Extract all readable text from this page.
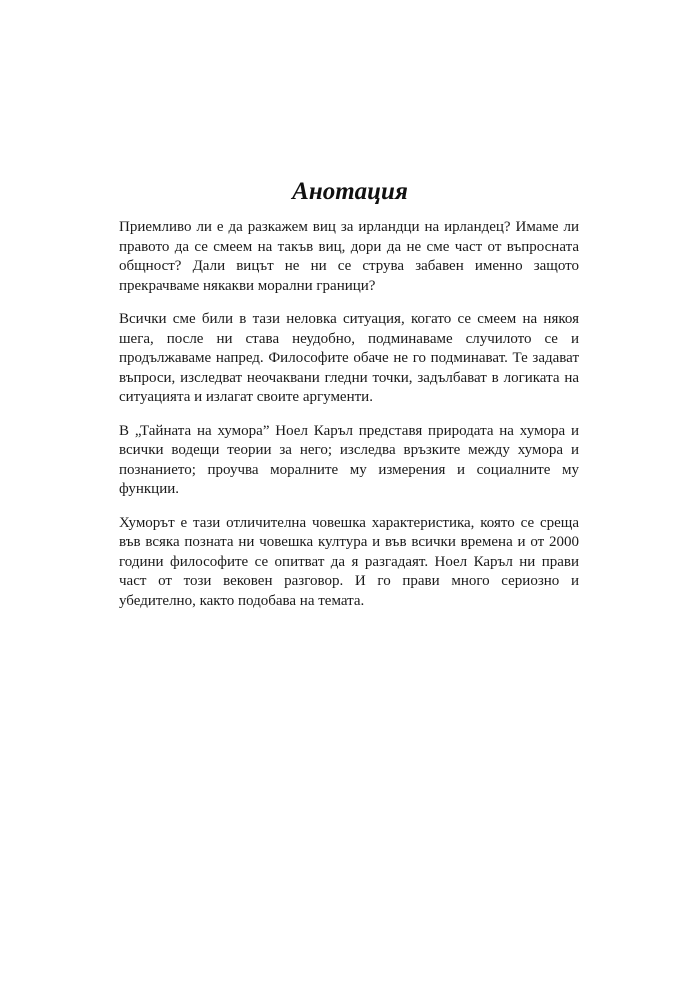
Анотация

Приемливо ли е да разкажем виц за ирландци на ирландец? Имаме ли правото да се смеем на такъв виц, дори да не сме част от въпросната общност? Дали вицът не ни се струва забавен именно защото прекрачваме някакви морални граници?

Всички сме били в тази неловка ситуация, когато се смеем на някоя шега, после ни става неудобно, подминаваме случилото се и продължаваме напред. Философите обаче не го подминават. Те задават въпроси, изследват неочаквани гледни точки, задълбават в логиката на ситуацията и излагат своите аргументи.

В „Тайната на хумора” Ноел Каръл представя природата на хумора и всички водещи теории за него; изследва връзките между хумора и познанието; проучва моралните му измерения и социалните му функции.

Хуморът е тази отличителна човешка характеристика, която се среща във всяка позната ни човешка култура и във всички времена и от 2000 години философите се опитват да я разгадаят. Ноел Каръл ни прави част от този вековен разговор. И го прави много сериозно и убедително, както подобава на темата.
